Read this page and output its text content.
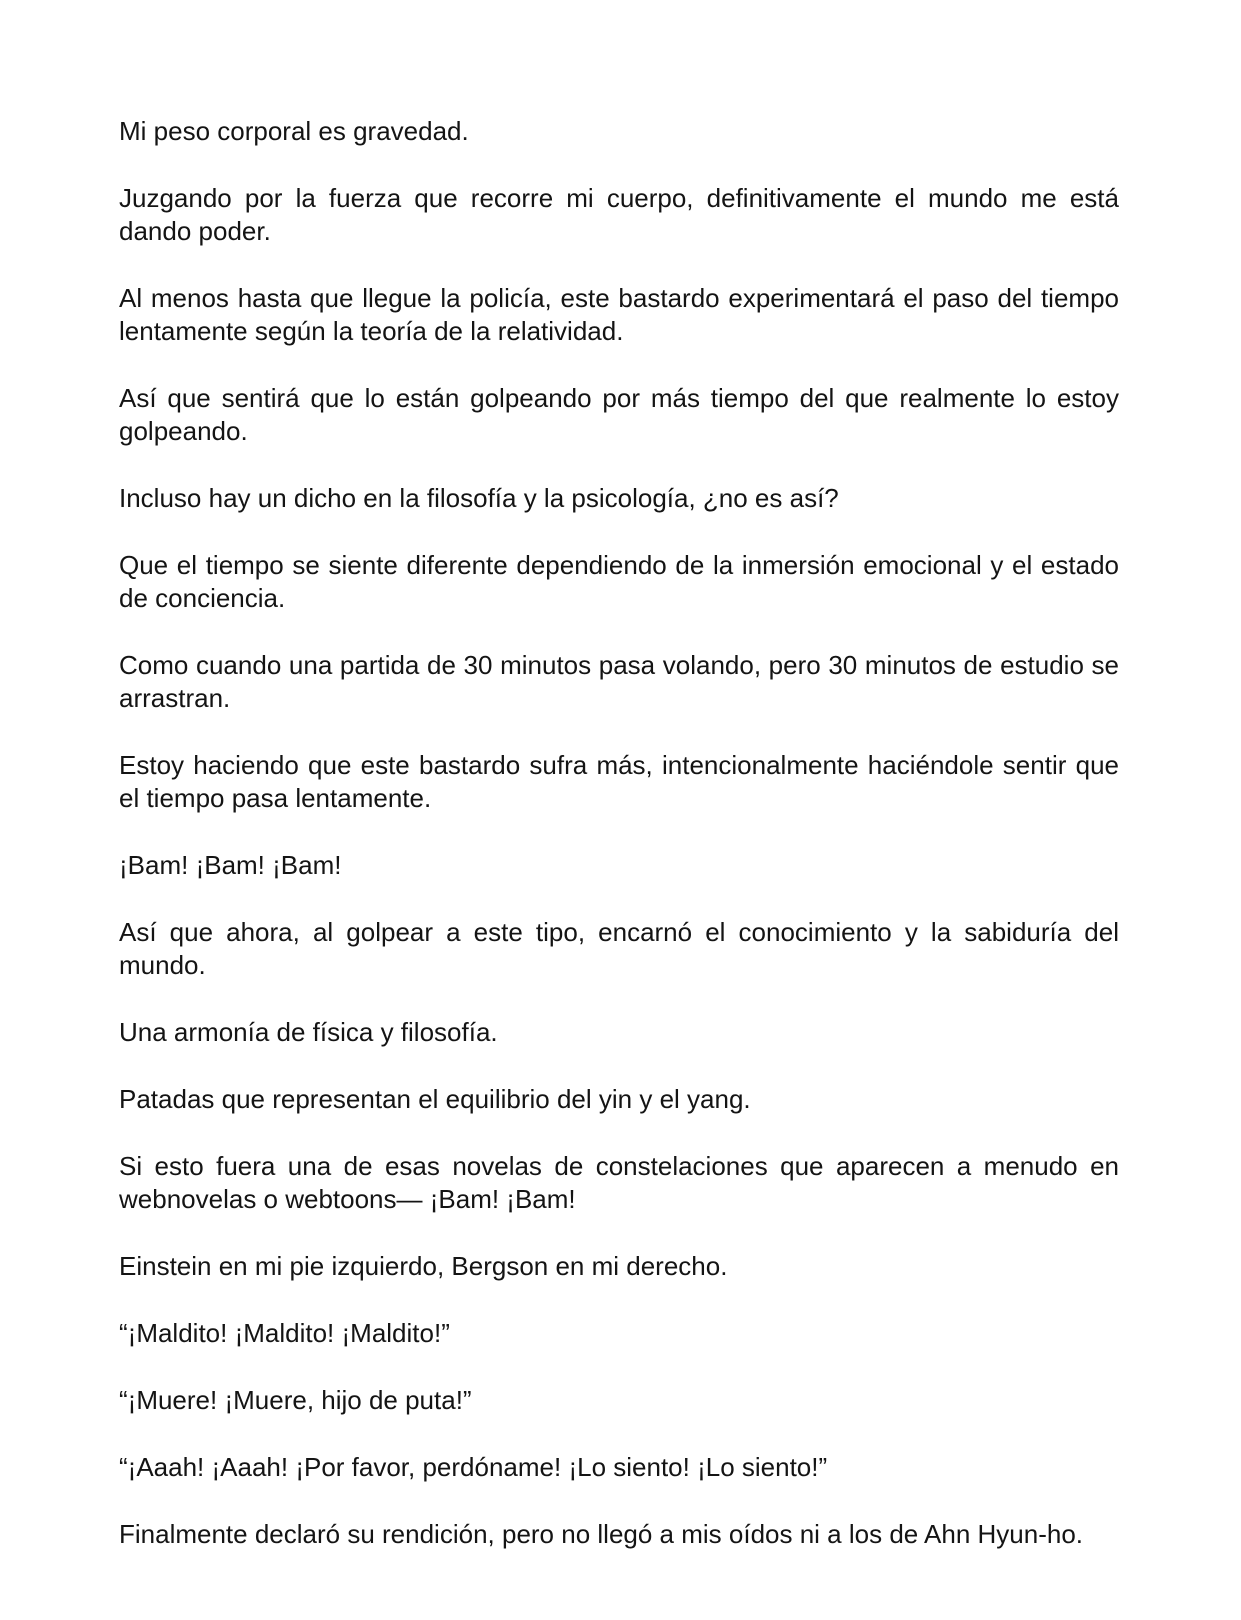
Mi peso corporal es gravedad.

Juzgando por la fuerza que recorre mi cuerpo, definitivamente el mundo me está dando poder.

Al menos hasta que llegue la policía, este bastardo experimentará el paso del tiempo lentamente según la teoría de la relatividad.

Así que sentirá que lo están golpeando por más tiempo del que realmente lo estoy golpeando.

Incluso hay un dicho en la filosofía y la psicología, ¿no es así?

Que el tiempo se siente diferente dependiendo de la inmersión emocional y el estado de conciencia.

Como cuando una partida de 30 minutos pasa volando, pero 30 minutos de estudio se arrastran.

Estoy haciendo que este bastardo sufra más, intencionalmente haciéndole sentir que el tiempo pasa lentamente.

¡Bam! ¡Bam! ¡Bam!

Así que ahora, al golpear a este tipo, encarnó el conocimiento y la sabiduría del mundo.

Una armonía de física y filosofía.

Patadas que representan el equilibrio del yin y el yang.

Si esto fuera una de esas novelas de constelaciones que aparecen a menudo en webnovelas o webtoons— ¡Bam! ¡Bam!

Einstein en mi pie izquierdo, Bergson en mi derecho.

“¡Maldito! ¡Maldito! ¡Maldito!”

“¡Muere! ¡Muere, hijo de puta!”

“¡Aaah! ¡Aaah! ¡Por favor, perdóname! ¡Lo siento! ¡Lo siento!”

Finalmente declaró su rendición, pero no llegó a mis oídos ni a los de Ahn Hyun-ho.
